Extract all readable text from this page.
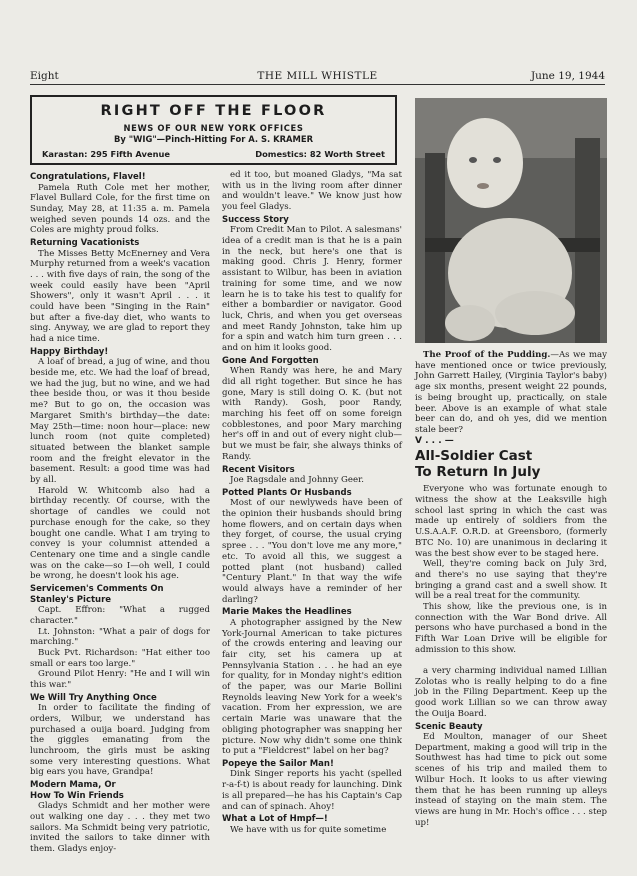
Eight	THE MILL WHISTLE	June 19, 1944
RIGHT OFF THE FLOOR
NEWS OF OUR NEW YORK OFFICES
By "WIG"—Pinch-Hitting For A. S. KRAMER
Karastan: 295 Fifth Avenue	Domestics: 82 Worth Street
Congratulations, Flavel!

Pamela Ruth Cole met her mother, Flavel Bullard Cole, for the first time on Sunday, May 28, at 11:35 a. m. Pamela weighed seven pounds 14 ozs. and the Coles are mighty proud folks.

Returning Vacationists

The Misses Betty McEnerney and Vera Murphy returned from a week's vacation . . . with five days of rain, the song of the week could easily have been "April Showers", only it wasn't April . . . it could have been "Singing in the Rain" but after a five-day diet, who wants to sing. Anyway, we are glad to report they had a nice time.

Happy Birthday!

A loaf of bread, a jug of wine, and thou beside me, etc. We had the loaf of bread, we had the jug, but no wine, and we had thee beside thou, or was it thou beside me? But to go on, the occasion was Margaret Smith's birthday—the date: May 25th—time: noon hour—place: new lunch room (not quite completed) situated between the blanket sample room and the freight elevator in the basement. Result: a good time was had by all.

Harold W. Whitcomb also had a birthday recently. Of course, with the shortage of candles we could not purchase enough for the cake, so they bought one candle. What I am trying to convey is your columnist attended a Centenary one time and a single candle was on the cake—so I—oh well, I could be wrong, he doesn't look his age.

Servicemen's Comments On
Stanley's Picture

Capt. Effron: "What a rugged character."

Lt. Johnston: "What a pair of dogs for marching."

Buck Pvt. Richardson: "Hat either too small or ears too large."

Ground Pilot Henry: "He and I will win this war."

We Will Try Anything Once

In order to facilitate the finding of orders, Wilbur, we understand has purchased a ouija board. Judging from the giggles emanating from the lunchroom, the girls must be asking some very interesting questions. What big ears you have, Grandpa!

Modern Mama, Or
How To Win Friends

Gladys Schmidt and her mother were out walking one day . . . they met two sailors. Ma Schmidt being very patriotic, invited the sailors to take dinner with them. Gladys enjoy-

ed it too, but moaned Gladys, "Ma sat with us in the living room after dinner and wouldn't leave." We know just how you feel Gladys.

Success Story

From Credit Man to Pilot. A salesmans' idea of a credit man is that he is a pain in the neck, but here's one that is making good. Chris J. Henry, former assistant to Wilbur, has been in aviation training for some time, and we now learn he is to take his test to qualify for either a bombardier or navigator. Good luck, Chris, and when you get overseas and meet Randy Johnston, take him up for a spin and watch him turn green . . . and on him it looks good.

Gone And Forgotten

When Randy was here, he and Mary did all right together. But since he has gone, Mary is still doing O. K. (but not with Randy). Gosh, poor Randy, marching his feet off on some foreign cobblestones, and poor Mary marching her's off in and out of every night club—but we must be fair, she always thinks of Randy.

Recent Visitors

Joe Ragsdale and Johnny Geer.

Potted Plants Or Husbands

Most of our newlyweds have been of the opinion their husbands should bring home flowers, and on certain days when they forget, of course, the usual crying spree . . . "You don't love me any more," etc. To avoid all this, we suggest a potted plant (not husband) called "Century Plant." In that way the wife would always have a reminder of her darling?

Marie Makes the Headlines

A photographer assigned by the New York-Journal American to take pictures of the crowds entering and leaving our fair city, set his camera up at Pennsylvania Station . . . he had an eye for quality, for in Monday night's edition of the paper, was our Marie Bollini Reynolds leaving New York for a week's vacation. From her expression, we are certain Marie was unaware that the obliging photographer was snapping her picture. Now why didn't some one think to put a "Fieldcrest" label on her bag?

Popeye the Sailor Man!

Dink Singer reports his yacht (spelled r-a-f-t) is about ready for launching. Dink is all prepared—he has his Captain's Cap and can of spinach. Ahoy!

What a Lot of Hmpf—!

We have with us for quite sometime

The Proof of the Pudding.—As we may have mentioned once or twice previously, John Garrett Hailey, (Virginia Taylor's baby) age six months, present weight 22 pounds, is being brought up, practically, on stale beer. Above is an example of what stale beer can do, and oh yes, did we mention stale beer?

V . . . —
All-Soldier Cast
To Return In July

Everyone who was fortunate enough to witness the show at the Leaksville high school last spring in which the cast was made up entirely of soldiers from the U.S.A.A.F. O.R.D. at Greensboro, (formerly BTC No. 10) are unanimous in declaring it was the best show ever to be staged here.

Well, they're coming back on July 3rd, and there's no use saying that they're bringing a grand cast and a swell show. It will be a real treat for the community.

This show, like the previous one, is in connection with the War Bond drive. All persons who have purchased a bond in the Fifth War Loan Drive will be eligible for admission to this show.

a very charming individual named Lillian Zolotas who is really helping to do a fine job in the Filing Department. Keep up the good work Lillian so we can throw away the Ouija Board.

Scenic Beauty

Ed Moulton, manager of our Sheet Department, making a good will trip in the Southwest has had time to pick out some scenes of his trip and mailed them to Wilbur Hoch. It looks to us after viewing them that he has been running up alleys instead of staying on the main stem. The views are hung in Mr. Hoch's office . . . step up!
